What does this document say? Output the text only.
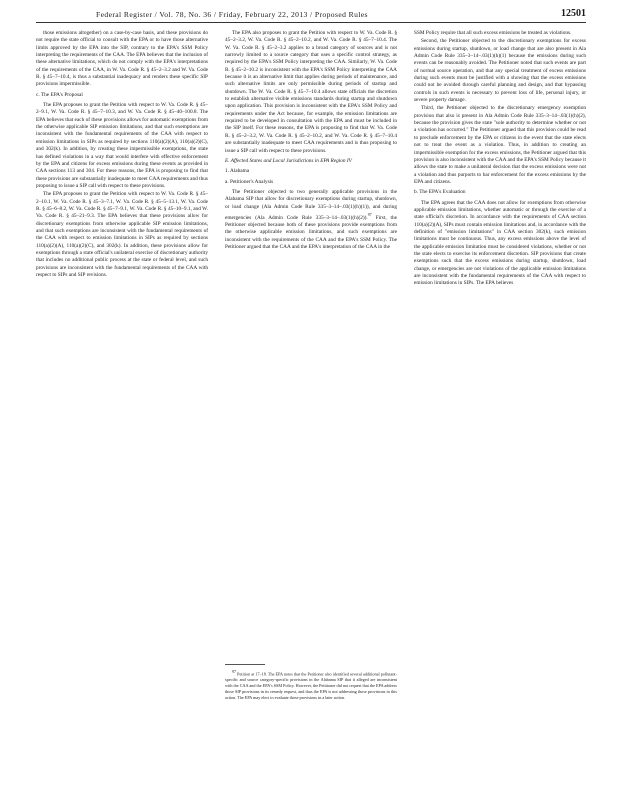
Federal Register / Vol. 78, No. 36 / Friday, February 22, 2013 / Proposed Rules	12501

those emissions altogether) on a case-by-case basis, and these provisions do not require the state official to consult with the EPA or to have those alternative limits approved by the EPA into the SIP, contrary to the EPA's SSM Policy interpreting the requirements of the CAA. The EPA believes that the inclusion of these alternative limitations, which do not comply with the EPA's interpretations of the requirements of the CAA, in W. Va. Code R. § 45–2–3.2 and W. Va. Code R. § 45–7–10.4, is thus a substantial inadequacy and renders these specific SIP provisions impermissible.

c. The EPA's Proposal

The EPA proposes to grant the Petition with respect to W. Va. Code R. § 45–2–9.1, W. Va. Code R. § 45–7–10.3, and W. Va. Code R. § 45–40–100.8. The EPA believes that each of these provisions allows for automatic exemptions from the otherwise applicable SIP emission limitations, and that such exemptions are inconsistent with the fundamental requirements of the CAA with respect to emission limitations in SIPs as required by sections 110(a)(2)(A), 110(a)(2)(C), and 302(k). In addition, by creating these impermissible exemptions, the state has defined violations in a way that would interfere with effective enforcement by the EPA and citizens for excess emissions during these events as provided in CAA sections 113 and 304. For these reasons, the EPA is proposing to find that these provisions are substantially inadequate to meet CAA requirements and thus proposing to issue a SIP call with respect to these provisions.

The EPA proposes to grant the Petition with respect to W. Va. Code R. § 45–2–10.1, W. Va. Code R. § 45–3–7.1, W. Va. Code R. § 45–5–13.1, W. Va. Code R. § 45–6–8.2, W. Va. Code R. § 45–7–9.1, W. Va. Code R. § 45–10–9.1, and W. Va. Code R. § 45–21–9.3. The EPA believes that these provisions allow for discretionary exemptions from otherwise applicable SIP emission limitations, and that such exemptions are inconsistent with the fundamental requirements of the CAA with respect to emission limitations in SIPs as required by sections 110(a)(2)(A), 110(a)(2)(C), and 302(k). In addition, these provisions allow for exemptions through a state official's unilateral exercise of discretionary authority that includes no additional public process at the state or federal level, and such provisions are inconsistent with the fundamental requirements of the CAA with respect to SIPs and SIP revisions.

The EPA also proposes to grant the Petition with respect to W. Va. Code R. § 45–2–3.2, W. Va. Code R. § 45–2–10.2, and W. Va. Code R. § 45–7–10.4. The W. Va. Code R. § 45–2–3.2 applies to a broad category of sources and is not narrowly limited to a source category that uses a specific control strategy, as required by the EPA's SSM Policy interpreting the CAA. Similarly, W. Va. Code R. § 45–2–10.2 is inconsistent with the EPA's SSM Policy interpreting the CAA because it is an alternative limit that applies during periods of maintenance, and such alternative limits are only permissible during periods of startup and shutdown. The W. Va. Code R. § 45–7–10.4 allows state officials the discretion to establish alternative visible emissions standards during startup and shutdown upon application. This provision is inconsistent with the EPA's SSM Policy and requirements under the Act because, for example, the emission limitations are required to be developed in consultation with the EPA and must be included in the SIP itself. For these reasons, the EPA is proposing to find that W. Va. Code R. § 45–2–3.2, W. Va. Code R. § 45–2–10.2, and W. Va. Code R. § 45–7–10.4 are substantially inadequate to meet CAA requirements and is thus proposing to issue a SIP call with respect to these provisions.

E. Affected States and Local Jurisdictions in EPA Region IV

1. Alabama

a. Petitioner's Analysis

The Petitioner objected to two generally applicable provisions in the Alabama SIP that allow for discretionary exemptions during startup, shutdown, or load change (Ala Admin Code Rule 335–3–14–.03(1)(h)(1)), and during emergencies (Ala Admin Code Rule 335–3–14–.03(1)(h)(2)).$^{97}$ First, the Petitioner objected because both of these provisions provide exemptions from the otherwise applicable emission limitations, and such exemptions are inconsistent with the requirements of the CAA and the EPA's SSM Policy. The Petitioner argued that the CAA and the EPA's interpretation of the CAA in the

97 Petition at 17–18. The EPA notes that the Petitioner also identified several additional pollutant-specific and source category-specific provisions in the Alabama SIP that it alleged are inconsistent with the CAA and the EPA's SSM Policy. However, the Petitioner did not request that the EPA address those SIP provisions in its remedy request, and thus the EPA is not addressing those provisions in this action. The EPA may elect to evaluate those provisions in a later action.

SSM Policy require that all such excess emissions be treated as violations.

Second, the Petitioner objected to the discretionary exemptions for excess emissions during startup, shutdown, or load change that are also present in Ala Admin Code Rule 335–3–14–.03(1)(h)(1) because the emissions during such events can be reasonably avoided. The Petitioner noted that such events are part of normal source operation, and that any special treatment of excess emissions during such events must be justified with a showing that the excess emissions could not be avoided through careful planning and design, and that bypassing controls in such events is necessary to prevent loss of life, personal injury, or severe property damage.

Third, the Petitioner objected to the discretionary emergency exemption provision that also is present in Ala Admin Code Rule 335–3–14–.03(1)(h)(2), because the provision gives the state "sole authority to determine whether or not a violation has occurred." The Petitioner argued that this provision could be read to preclude enforcement by the EPA or citizens in the event that the state elects not to treat the event as a violation. Thus, in addition to creating an impermissible exemption for the excess emissions, the Petitioner argued that this provision is also inconsistent with the CAA and the EPA's SSM Policy because it allows the state to make a unilateral decision that the excess emissions were not a violation and thus purports to bar enforcement for the excess emissions by the EPA and citizens.

b. The EPA's Evaluation

The EPA agrees that the CAA does not allow for exemptions from otherwise applicable emission limitations, whether automatic or through the exercise of a state official's discretion. In accordance with the requirements of CAA section 110(a)(2)(A), SIPs must contain emission limitations and, in accordance with the definition of "emission limitations" in CAA section 302(k), such emission limitations must be continuous. Thus, any excess emissions above the level of the applicable emission limitation must be considered violations, whether or not the state elects to exercise its enforcement discretion. SIP provisions that create exemptions such that the excess emissions during startup, shutdown, load change, or emergencies are not violations of the applicable emission limitations are inconsistent with the fundamental requirements of the CAA with respect to emission limitations in SIPs. The EPA believes
